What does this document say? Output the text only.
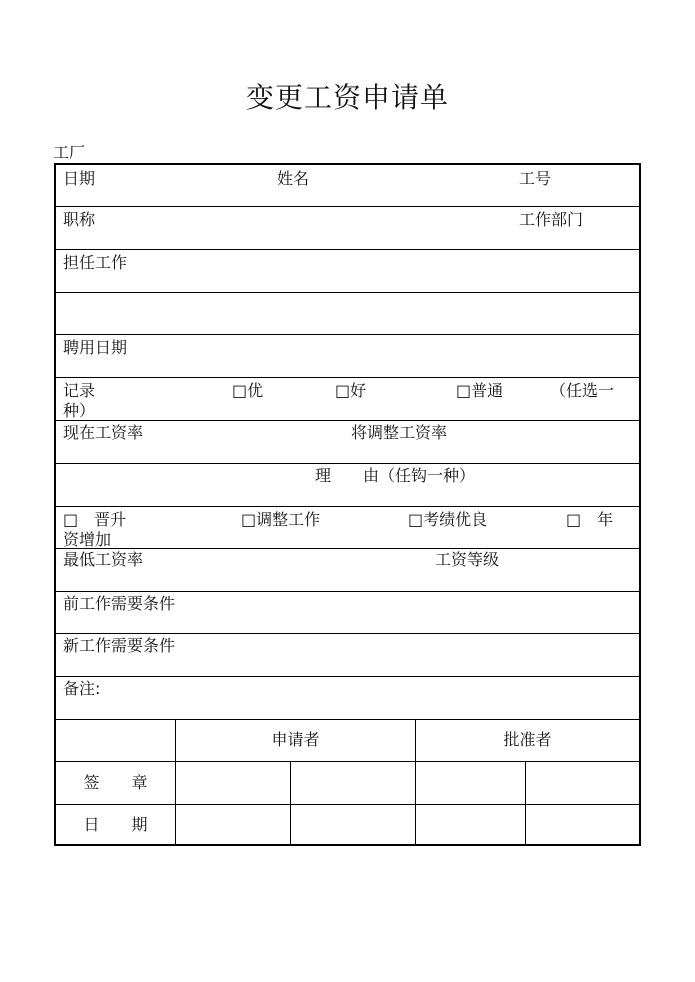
变更工资申请单
工厂
日期	姓名	工号
职称	工作部门
担任工作
聘用日期
记录	□优	□好	□普通	（任选一
种）
现在工资率	将调整工资率
理　　由（任钩一种）
□　晋升	□调整工作	□考绩优良	□　年
资增加
最低工资率	工资等级
前工作需要条件
新工作需要条件
备注:
申请者	批准者
签　　章
日　　期
